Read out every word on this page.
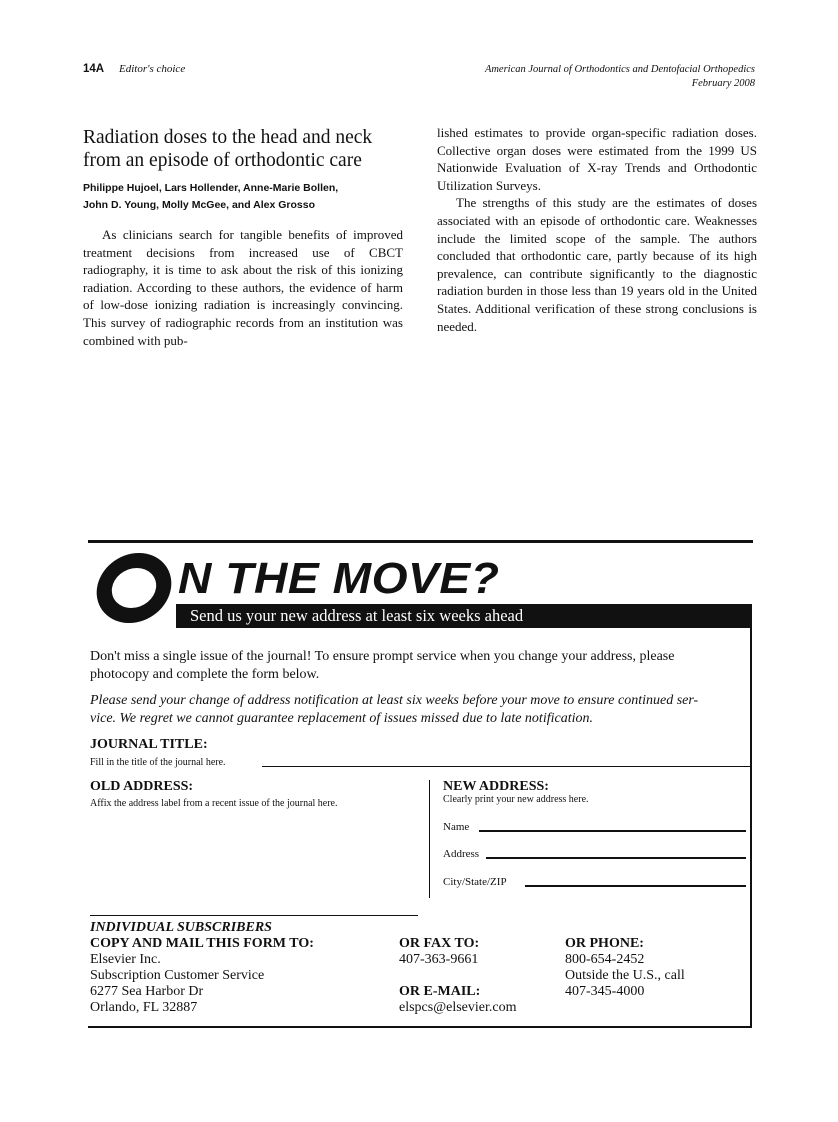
14A Editor's choice	American Journal of Orthodontics and Dentofacial Orthopedics
February 2008
Radiation doses to the head and neck
from an episode of orthodontic care
Philippe Hujoel, Lars Hollender, Anne-Marie Bollen,
John D. Young, Molly McGee, and Alex Grosso

As clinicians search for tangible benefits of improved treatment decisions from increased use of CBCT radiography, it is time to ask about the risk of this ionizing radiation. According to these authors, the evidence of harm of low-dose ionizing radiation is increasingly convincing. This survey of radiographic records from an institution was combined with pub-

lished estimates to provide organ-specific radiation doses. Collective organ doses were estimated from the 1999 US Nationwide Evaluation of X-ray Trends and Orthodontic Utilization Surveys.

The strengths of this study are the estimates of doses associated with an episode of orthodontic care. Weaknesses include the limited scope of the sample. The authors concluded that orthodontic care, partly because of its high prevalence, can contribute significantly to the diagnostic radiation burden in those less than 19 years old in the United States. Additional verification of these strong conclusions is needed.

N THE MOVE?
Send us your new address at least six weeks ahead
Don't miss a single issue of the journal! To ensure prompt service when you change your address, please
photocopy and complete the form below.
Please send your change of address notification at least six weeks before your move to ensure continued ser-
vice. We regret we cannot guarantee replacement of issues missed due to late notification.
JOURNAL TITLE:
Fill in the title of the journal here.
OLD ADDRESS:
Affix the address label from a recent issue of the journal here.
NEW ADDRESS:
Clearly print your new address here.
Name
Address
City/State/ZIP
INDIVIDUAL SUBSCRIBERS
COPY AND MAIL THIS FORM TO:
Elsevier Inc.
Subscription Customer Service
6277 Sea Harbor Dr
Orlando, FL 32887
OR FAX TO:
407-363-9661

OR E-MAIL:
elspcs@elsevier.com
OR PHONE:
800-654-2452
Outside the U.S., call
407-345-4000
